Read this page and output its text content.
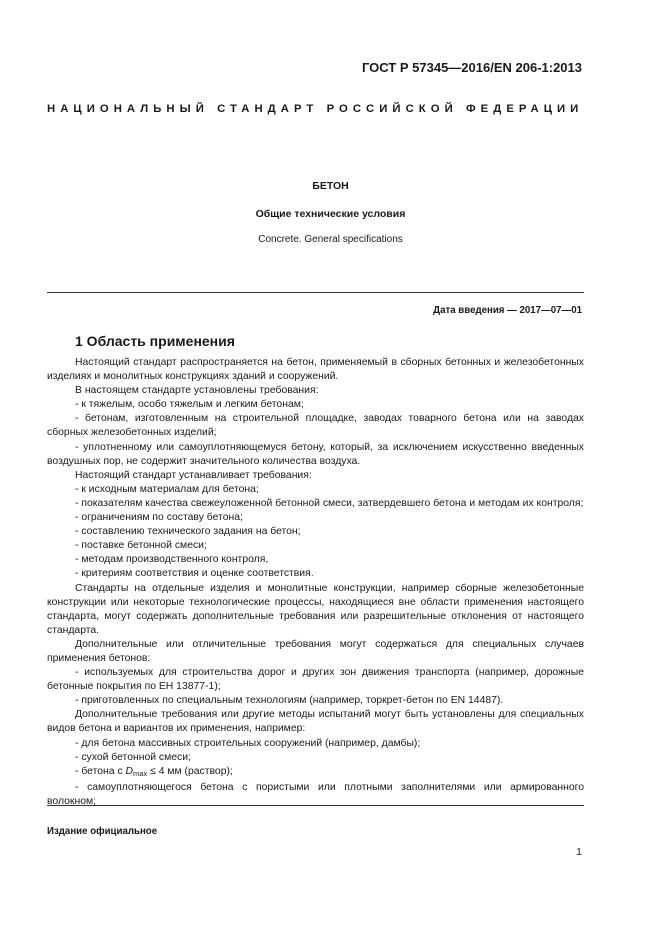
ГОСТ Р 57345—2016/EN 206-1:2013
НАЦИОНАЛЬНЫЙ СТАНДАРТ РОССИЙСКОЙ ФЕДЕРАЦИИ
БЕТОН
Общие технические условия
Concrete. General specifications
Дата введения — 2017—07—01
1 Область применения

Настоящий стандарт распространяется на бетон, применяемый в сборных бетонных и железобетонных изделиях и монолитных конструкциях зданий и сооружений.

В настоящем стандарте установлены требования:

- к тяжелым, особо тяжелым и легким бетонам;

- бетонам, изготовленным на строительной площадке, заводах товарного бетона или на заводах сборных железобетонных изделий;

- уплотненному или самоуплотняющемуся бетону, который, за исключением искусственно введенных воздушных пор, не содержит значительного количества воздуха.

Настоящий стандарт устанавливает требования:

- к исходным материалам для бетона;

- показателям качества свежеуложенной бетонной смеси, затвердевшего бетона и методам их контроля;

- ограничениям по составу бетона;

- составлению технического задания на бетон;

- поставке бетонной смеси;

- методам производственного контроля,

- критериям соответствия и оценке соответствия.

Стандарты на отдельные изделия и монолитные конструкции, например сборные железобетонные конструкции или некоторые технологические процессы, находящиеся вне области применения настоящего стандарта, могут содержать дополнительные требования или разрешительные отклонения от настоящего стандарта.

Дополнительные или отличительные требования могут содержаться для специальных случаев применения бетонов:

- используемых для строительства дорог и других зон движения транспорта (например, дорожные бетонные покрытия по ЕН 13877-1);

- приготовленных по специальным технологиям (например, торкрет-бетон по EN 14487).

Дополнительные требования или другие методы испытаний могут быть установлены для специальных видов бетона и вариантов их применения, например:

- для бетона массивных строительных сооружений (например, дамбы);

- сухой бетонной смеси;

- бетона с $D_{max} \le 4$ мм (раствор);

- самоуплотняющегося бетона с пористыми или плотными заполнителями или армированного волокном;

Издание официальное
1
